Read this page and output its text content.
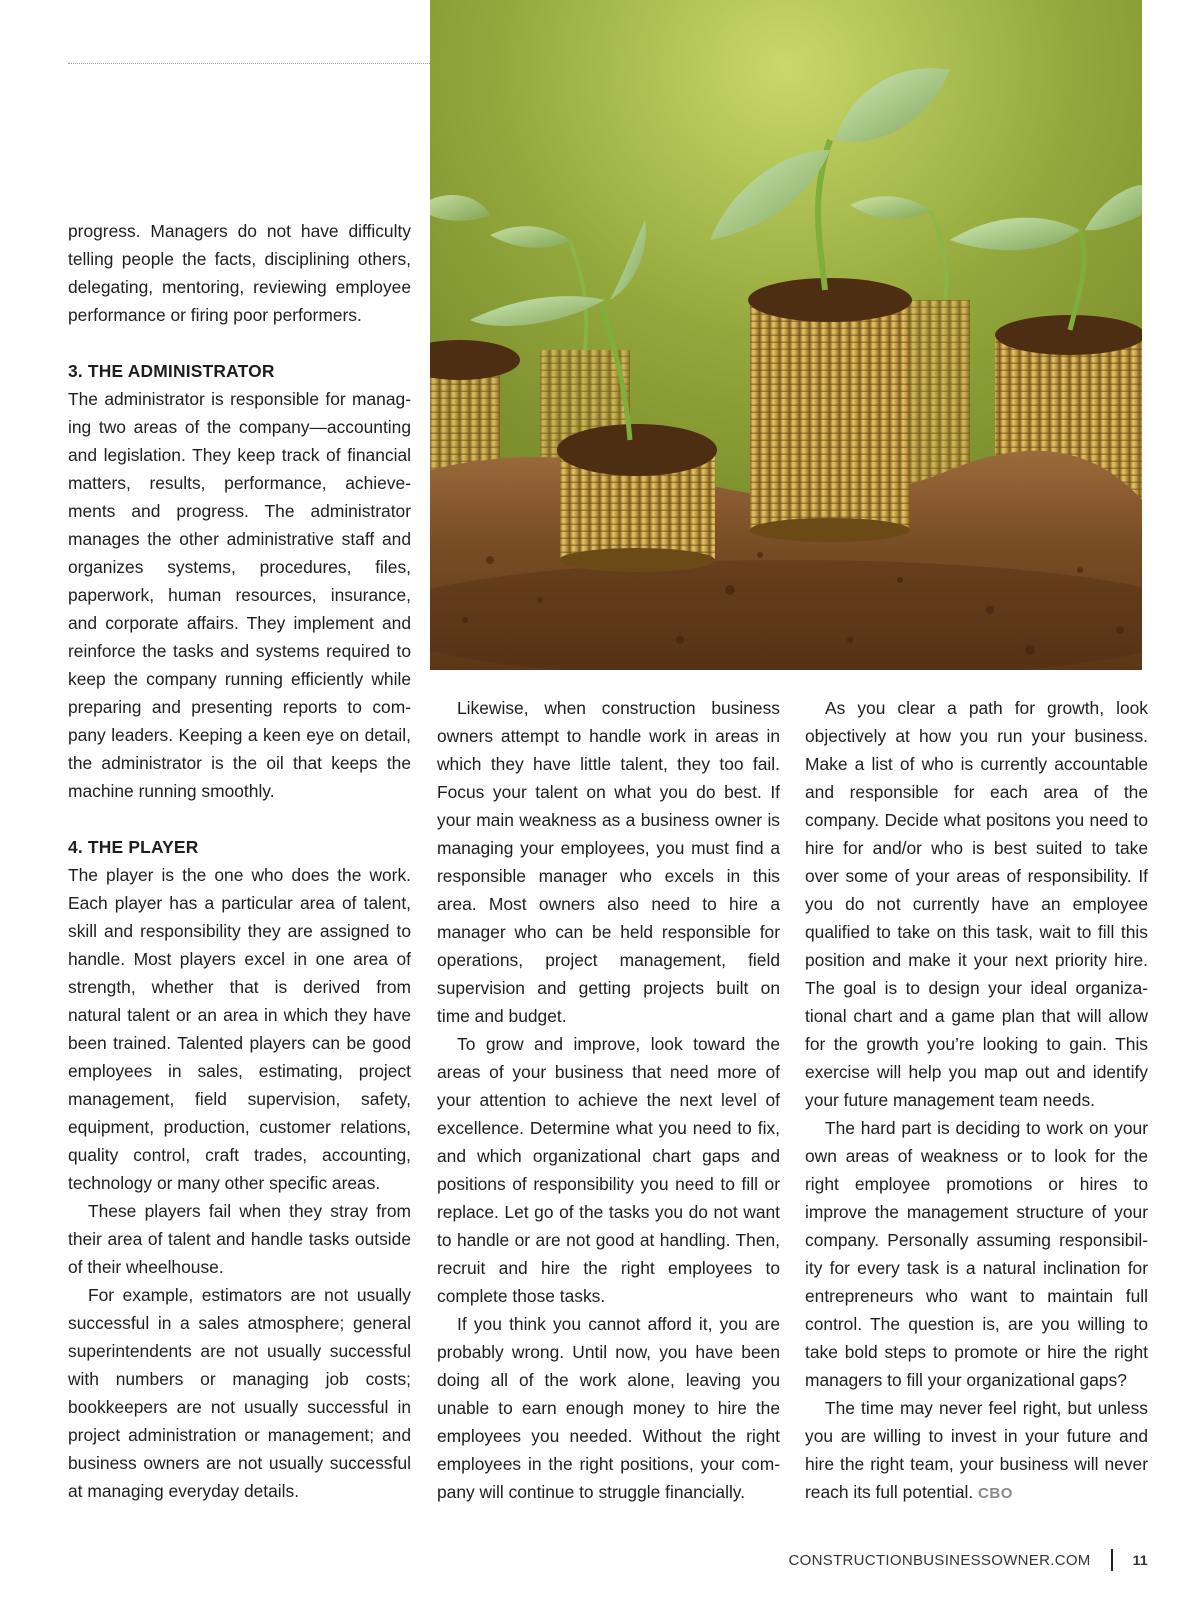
progress. Managers do not have difficulty telling people the facts, disciplining others, delegating, mentoring, reviewing employee performance or firing poor performers.

3. THE ADMINISTRATOR

The administrator is responsible for managing two areas of the company—accounting and legislation. They keep track of financial matters, results, performance, achievements and progress. The administrator manages the other administrative staff and organizes systems, procedures, files, paperwork, human resources, insurance, and corporate affairs. They implement and reinforce the tasks and systems required to keep the company running efficiently while preparing and presenting reports to company leaders. Keeping a keen eye on detail, the administrator is the oil that keeps the machine running smoothly.

4. THE PLAYER

The player is the one who does the work. Each player has a particular area of talent, skill and responsibility they are assigned to handle. Most players excel in one area of strength, whether that is derived from natural talent or an area in which they have been trained. Talented players can be good employees in sales, estimating, project management, field supervision, safety, equipment, production, customer relations, quality control, craft trades, accounting, technology or many other specific areas.

These players fail when they stray from their area of talent and handle tasks outside of their wheelhouse.

For example, estimators are not usually successful in a sales atmosphere; general superintendents are not usually successful with numbers or managing job costs; bookkeepers are not usually successful in project administration or management; and business owners are not usually successful at managing everyday details.

Likewise, when construction business owners attempt to handle work in areas in which they have little talent, they too fail. Focus your talent on what you do best. If your main weakness as a business owner is managing your employees, you must find a responsible manager who excels in this area. Most owners also need to hire a manager who can be held responsible for operations, project management, field supervision and getting projects built on time and budget.

To grow and improve, look toward the areas of your business that need more of your attention to achieve the next level of excellence. Determine what you need to fix, and which organizational chart gaps and positions of responsibility you need to fill or replace. Let go of the tasks you do not want to handle or are not good at handling. Then, recruit and hire the right employees to complete those tasks.

If you think you cannot afford it, you are probably wrong. Until now, you have been doing all of the work alone, leaving you unable to earn enough money to hire the employees you needed. Without the right employees in the right positions, your company will continue to struggle financially.

As you clear a path for growth, look objectively at how you run your business. Make a list of who is currently accountable and responsible for each area of the company. Decide what positons you need to hire for and/or who is best suited to take over some of your areas of responsibility. If you do not currently have an employee qualified to take on this task, wait to fill this position and make it your next priority hire. The goal is to design your ideal organizational chart and a game plan that will allow for the growth you’re looking to gain. This exercise will help you map out and identify your future management team needs.

The hard part is deciding to work on your own areas of weakness or to look for the right employee promotions or hires to improve the management structure of your company. Personally assuming responsibility for every task is a natural inclination for entrepreneurs who want to maintain full control. The question is, are you willing to take bold steps to promote or hire the right managers to fill your organizational gaps?

The time may never feel right, but unless you are willing to invest in your future and hire the right team, your business will never reach its full potential. CBO

CONSTRUCTIONBUSINESSOWNER.COM	11
